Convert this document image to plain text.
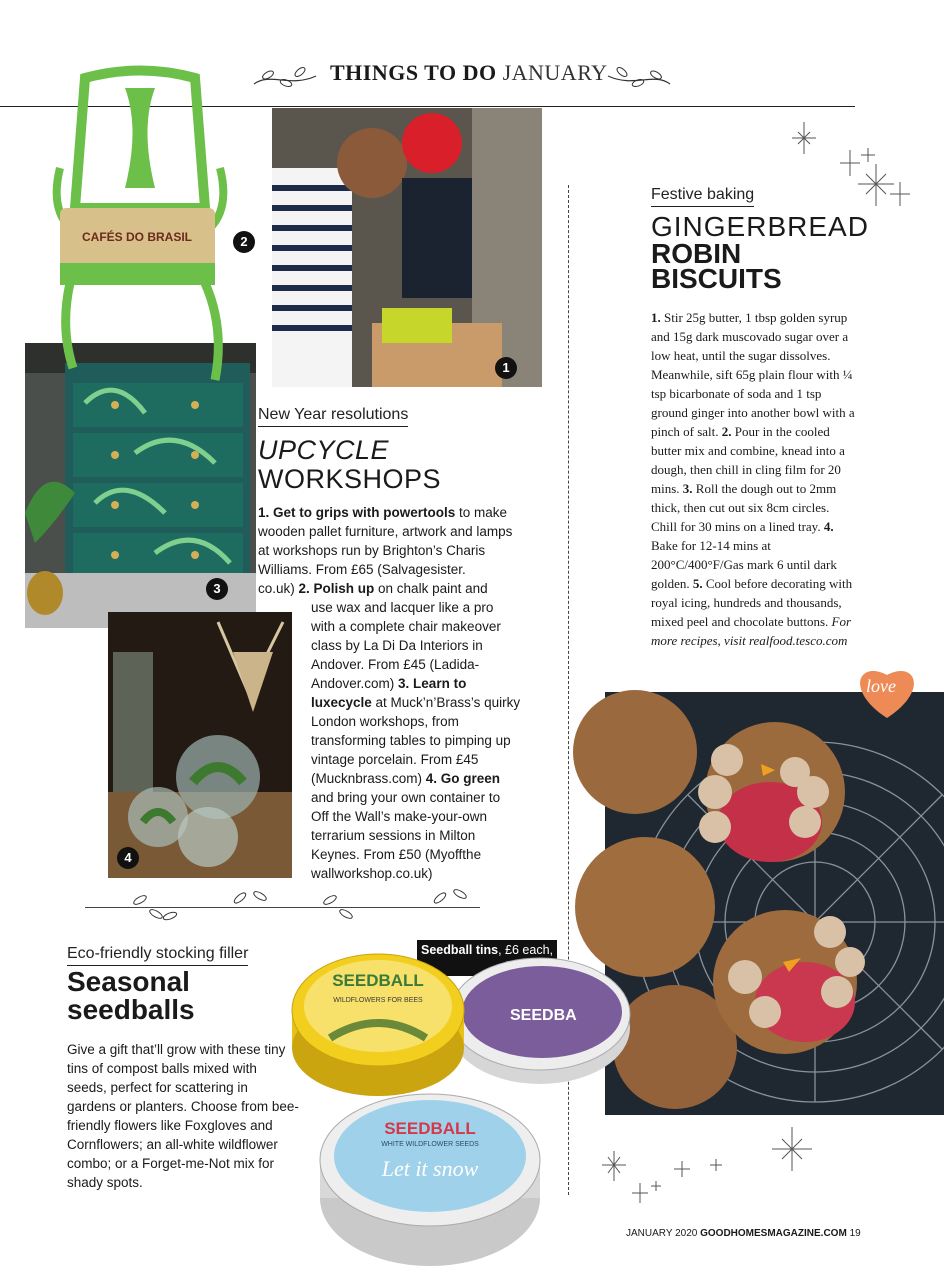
THINGS TO DO JANUARY
3
CAFÉS DO BRASIL	2
1
4
New Year resolutions
UPCYCLE
WORKSHOPS
1. Get to grips with powertools to make wooden pallet furniture, artwork and lamps at workshops run by Brighton’s Charis Williams. From £65 (Salvagesister.
co.uk) 2. Polish up on chalk paint and
use wax and lacquer like a pro with a complete chair makeover class by La Di Da Interiors in Andover. From £45 (Ladida-Andover.com) 3. Learn to luxecycle at Muck’n’Brass’s quirky London workshops, from transforming tables to pimping up vintage porcelain. From £45 (Mucknbrass.com) 4. Go green and bring your own container to Off the Wall’s make-your-own terrarium sessions in Milton Keynes. From £50 (Myoffthe wallworkshop.co.uk)
Festive baking
GINGERBREAD
ROBIN
BISCUITS
1. Stir 25g butter, 1 tbsp golden syrup and 15g dark muscovado sugar over a low heat, until the sugar dissolves. Meanwhile, sift 65g plain flour with ¼ tsp bicarbonate of soda and 1 tsp ground ginger into another bowl with a pinch of salt. 2. Pour in the cooled butter mix and combine, knead into a dough, then chill in cling film for 20 mins. 3. Roll the dough out to 2mm thick, then cut out six 8cm circles. Chill for 30 mins on a lined tray. 4. Bake for 12-14 mins at 200°C/400°F/Gas mark 6 until dark golden. 5. Cool before decorating with royal icing, hundreds and thousands, mixed peel and chocolate buttons. For more recipes, visit realfood.tesco.com
love
Eco-friendly stocking filler
Seasonal
seedballs
Give a gift that’ll grow with these tiny tins of compost balls mixed with seeds, perfect for scattering in gardens or planters. Choose from bee-friendly flowers like Foxgloves and Cornflowers; an all-white wildflower combo; or a Forget-me-Not mix for shady spots.
Seedball tins, £6 each,

SEEDBA
SEEDBALL
WILDFLOWERS FOR BEES
SEEDBALL
WHITE WILDFLOWER SEEDS
Let it snow
JANUARY 2020 GOODHOMESMAGAZINE.COM 19
